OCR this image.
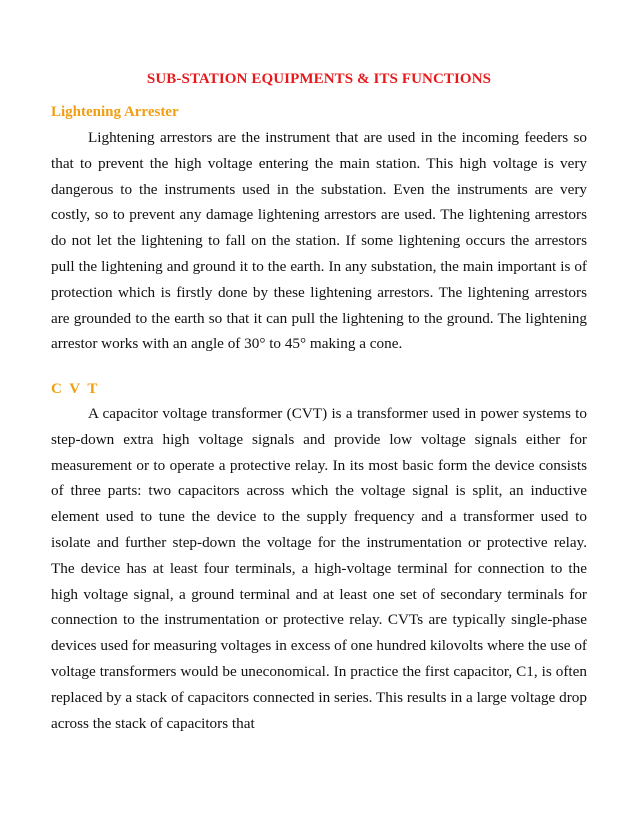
SUB-STATION EQUIPMENTS & ITS FUNCTIONS
Lightening Arrester

Lightening arrestors are the instrument that are used in the incoming feeders so that to prevent the high voltage entering the main station. This high voltage is very dangerous to the instruments used in the substation. Even the instruments are very costly, so to prevent any damage lightening arrestors are used. The lightening arrestors do not let the lightening to fall on the station. If some lightening occurs the arrestors pull the lightening and ground it to the earth. In any substation, the main important is of protection which is firstly done by these lightening arrestors. The lightening arrestors are grounded to the earth so that it can pull the lightening to the ground. The lightening arrestor works with an angle of 30° to 45° making a cone.

C V T

A capacitor voltage transformer (CVT) is a transformer used in power systems to step-down extra high voltage signals and provide low voltage signals either for measurement or to operate a protective relay. In its most basic form the device consists of three parts: two capacitors across which the voltage signal is split, an inductive element used to tune the device to the supply frequency and a transformer used to isolate and further step-down the voltage for the instrumentation or protective relay. The device has at least four terminals, a high-voltage terminal for connection to the high voltage signal, a ground terminal and at least one set of secondary terminals for connection to the instrumentation or protective relay. CVTs are typically single-phase devices used for measuring voltages in excess of one hundred kilovolts where the use of voltage transformers would be uneconomical. In practice the first capacitor, C1, is often replaced by a stack of capacitors connected in series. This results in a large voltage drop across the stack of capacitors that
